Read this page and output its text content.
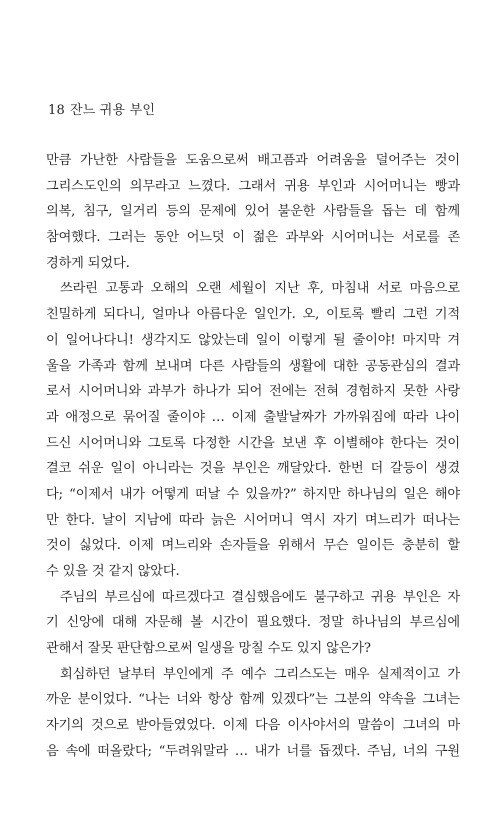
18 잔느 귀용 부인
만큼 가난한 사람들을 도움으로써 배고픔과 어려움을 덜어주는 것이
그리스도인의 의무라고 느꼈다. 그래서 귀용 부인과 시어머니는 빵과
의복, 침구, 일거리 등의 문제에 있어 불운한 사람들을 돕는 데 함께
참여했다. 그러는 동안 어느덧 이 젊은 과부와 시어머니는 서로를 존
경하게 되었다.
쓰라린 고통과 오해의 오랜 세월이 지난 후, 마침내 서로 마음으로
친밀하게 되다니, 얼마나 아름다운 일인가. 오, 이토록 빨리 그런 기적
이 일어나다니! 생각지도 않았는데 일이 이렇게 될 줄이야! 마지막 겨
울을 가족과 함께 보내며 다른 사람들의 생활에 대한 공동관심의 결과
로서 시어머니와 과부가 하나가 되어 전에는 전혀 경험하지 못한 사랑
과 애정으로 묶어질 줄이야 … 이제 출발날짜가 가까워짐에 따라 나이
드신 시어머니와 그토록 다정한 시간을 보낸 후 이별해야 한다는 것이
결코 쉬운 일이 아니라는 것을 부인은 깨달았다. 한번 더 갈등이 생겼
다; “이제서 내가 어떻게 떠날 수 있을까?” 하지만 하나님의 일은 해야
만 한다. 날이 지남에 따라 늙은 시어머니 역시 자기 며느리가 떠나는
것이 싫었다. 이제 며느리와 손자들을 위해서 무슨 일이든 충분히 할
수 있을 것 같지 않았다.
주님의 부르심에 따르겠다고 결심했음에도 불구하고 귀용 부인은 자
기 신앙에 대해 자문해 볼 시간이 필요했다. 정말 하나님의 부르심에
관해서 잘못 판단함으로써 일생을 망칠 수도 있지 않은가?
회심하던 날부터 부인에게 주 예수 그리스도는 매우 실제적이고 가
까운 분이었다. “나는 너와 항상 함께 있겠다”는 그분의 약속을 그녀는
자기의 것으로 받아들였었다. 이제 다음 이사야서의 말씀이 그녀의 마
음 속에 떠올랐다; “두려워말라 … 내가 너를 돕겠다. 주님, 너의 구원
